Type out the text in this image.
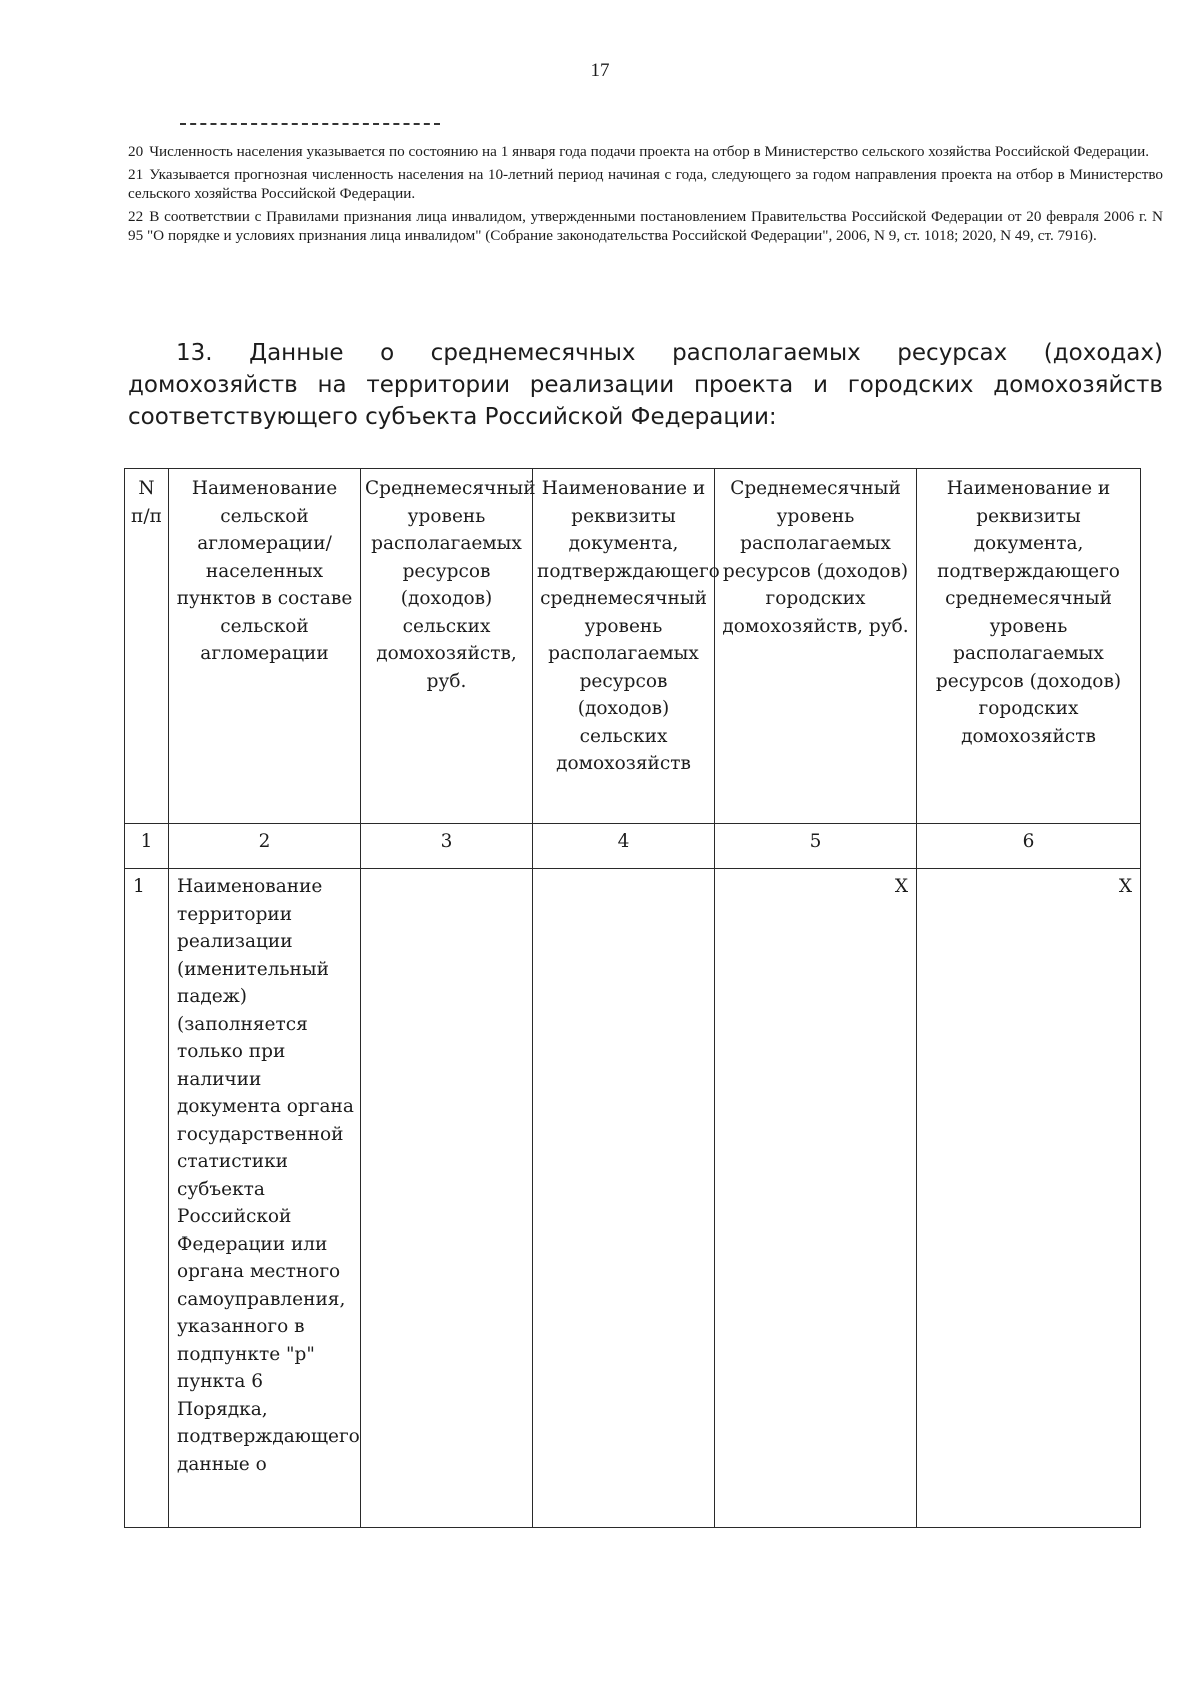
17

20 Численность населения указывается по состоянию на 1 января года подачи проекта на отбор в Министерство сельского хозяйства Российской Федерации.

21 Указывается прогнозная численность населения на 10-летний период начиная с года, следующего за годом направления проекта на отбор в Министерство сельского хозяйства Российской Федерации.

22 В соответствии с Правилами признания лица инвалидом, утвержденными постановлением Правительства Российской Федерации от 20 февраля 2006 г. N 95 "О порядке и условиях признания лица инвалидом" (Собрание законодательства Российской Федерации", 2006, N 9, ст. 1018; 2020, N 49, ст. 7916).

13. Данные о среднемесячных располагаемых ресурсах (доходах) домохозяйств на территории реализации проекта и городских домохозяйств соответствующего субъекта Российской Федерации:
N п/п	Наименование сельской агломерации/населенных пунктов в составе сельской агломерации	Среднемесячный уровень располагаемых ресурсов (доходов) сельских домохозяйств, руб.	Наименование и реквизиты документа, подтверждающего среднемесячный уровень располагаемых ресурсов (доходов) сельских домохозяйств	Среднемесячный уровень располагаемых ресурсов (доходов) городских домохозяйств, руб.	Наименование и реквизиты документа, подтверждающего среднемесячный уровень располагаемых ресурсов (доходов) городских домохозяйств
1	2	3	4	5	6
1	Наименование территории реализации (именительный падеж) (заполняется только при наличии документа органа государственной статистики субъекта Российской Федерации или органа местного самоуправления, указанного в подпункте "р" пункта 6 Порядка, подтверждающего данные о			X	X
